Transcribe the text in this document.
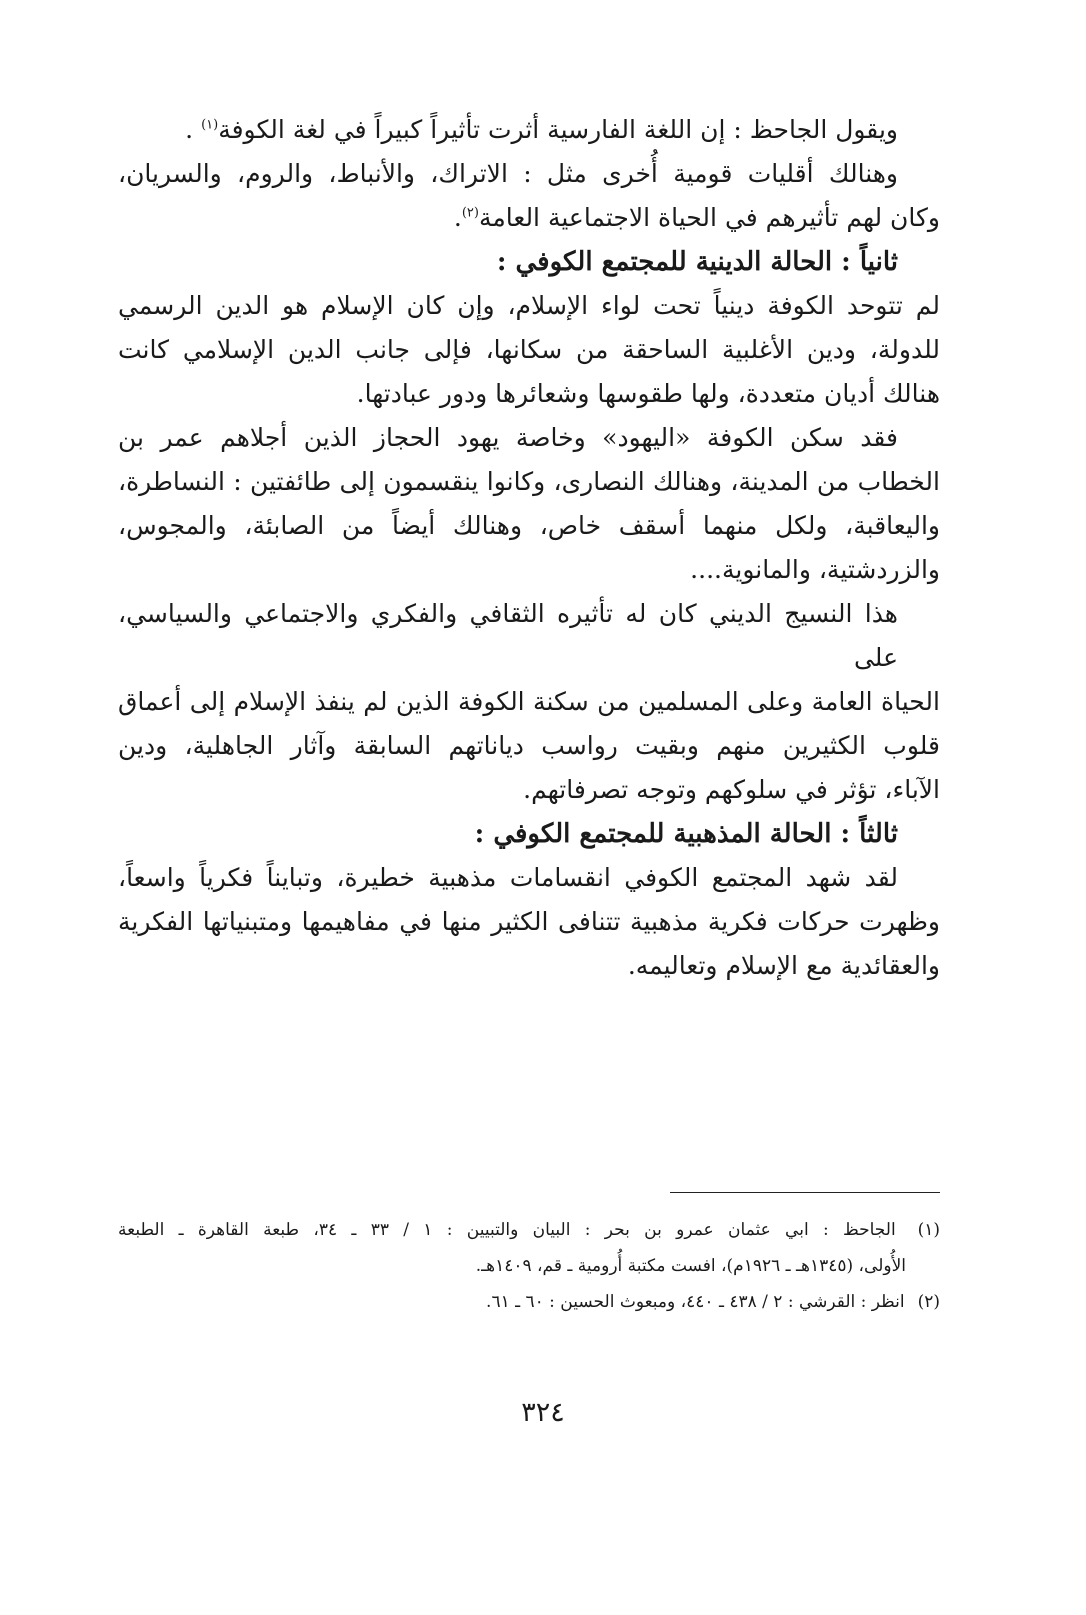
ويقول الجاحظ : إن اللغة الفارسية أثرت تأثيراً كبيراً في لغة الكوفة$^{(١)}$ .

وهنالك أقليات قومية أُخرى مثل : الاتراك، والأنباط، والروم، والسريان،

وكان لهم تأثيرهم في الحياة الاجتماعية العامة$^{(٢)}$.

ثانياً : الحالة الدينية للمجتمع الكوفي :

لم تتوحد الكوفة دينياً تحت لواء الإسلام، وإن كان الإسلام هو الدين الرسمي

للدولة، ودين الأغلبية الساحقة من سكانها، فإلى جانب الدين الإسلامي كانت

هنالك أديان متعددة، ولها طقوسها وشعائرها ودور عبادتها.

فقد سكن الكوفة «اليهود» وخاصة يهود الحجاز الذين أجلاهم عمر بن

الخطاب من المدينة، وهنالك النصارى، وكانوا ينقسمون إلى طائفتين : النساطرة،

واليعاقبة، ولكل منهما أسقف خاص، وهنالك أيضاً من الصابئة، والمجوس،

والزردشتية، والمانوية....

هذا النسيج الديني كان له تأثيره الثقافي والفكري والاجتماعي والسياسي، على

الحياة العامة وعلى المسلمين من سكنة الكوفة الذين لم ينفذ الإسلام إلى أعماق

قلوب الكثيرين منهم وبقيت رواسب دياناتهم السابقة وآثار الجاهلية، ودين

الآباء، تؤثر في سلوكهم وتوجه تصرفاتهم.

ثالثاً : الحالة المذهبية للمجتمع الكوفي :

لقد شهد المجتمع الكوفي انقسامات مذهبية خطيرة، وتبايناً فكرياً واسعاً،

وظهرت حركات فكرية مذهبية تتنافى الكثير منها في مفاهيمها ومتبنياتها الفكرية

والعقائدية مع الإسلام وتعاليمه.

(١) الجاحظ : ابي عثمان عمرو بن بحر : البيان والتبيين : ١ / ٣٣ ـ ٣٤، طبعة القاهرة ـ الطبعة

الأُولى، (١٣٤٥هـ ـ ١٩٢٦م)، افست مكتبة أُرومية ـ قم، ١٤٠٩هـ.

(٢) انظر : القرشي : ٢ / ٤٣٨ ـ ٤٤٠، ومبعوث الحسين : ٦٠ ـ ٦١.

٣٢٤
